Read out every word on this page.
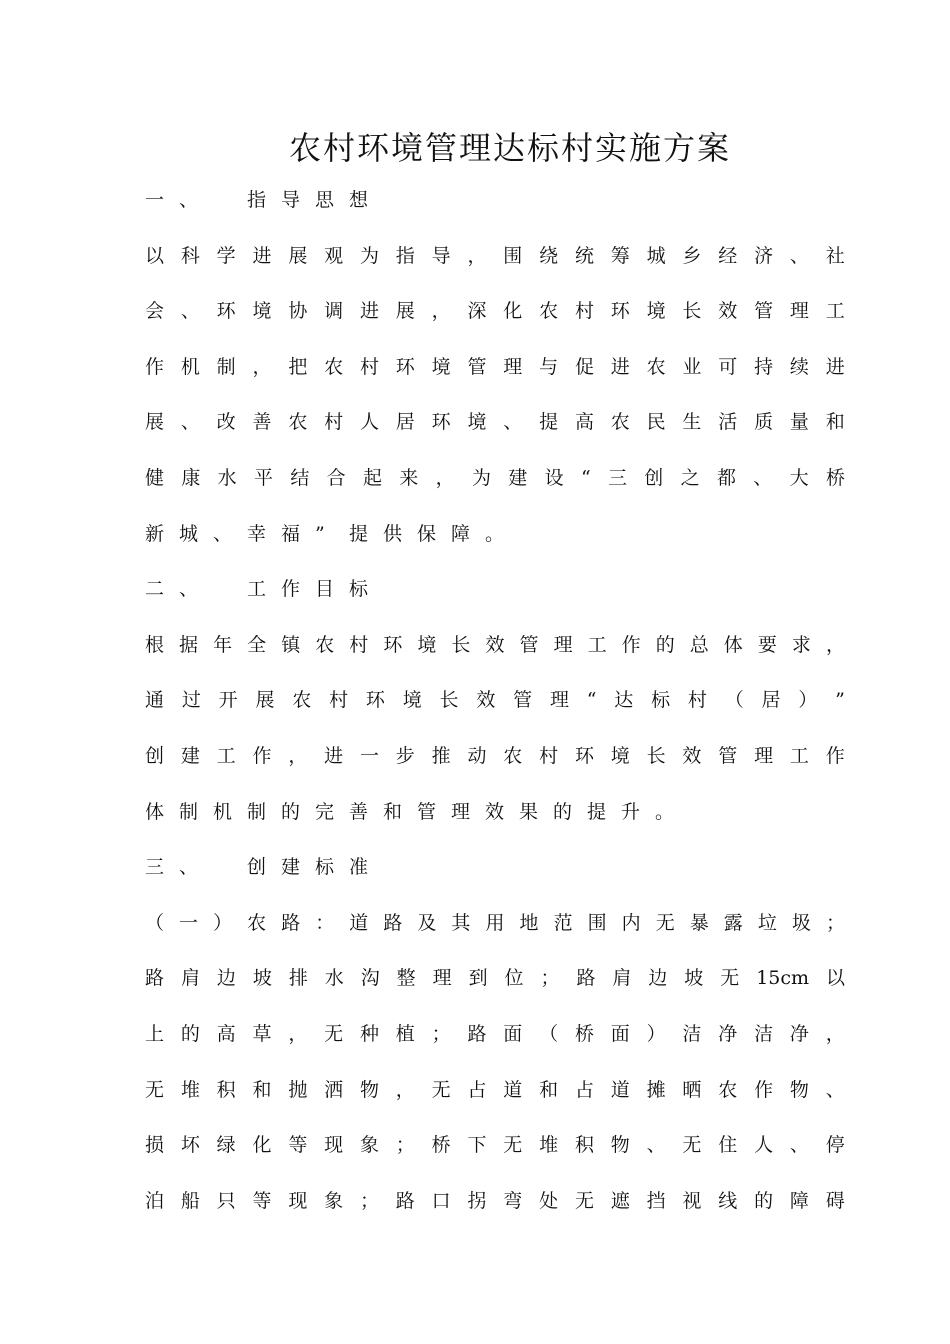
农村环境管理达标村实施方案
一 、
	指 导 思 想
以 科 学 进 展 观 为 指 导 ， 围 绕 统 筹 城 乡 经 济 、 社
会 、 环 境 协 调 进 展 ， 深 化 农 村 环 境 长 效 管 理 工
作 机 制 ， 把 农 村 环 境 管 理 与 促 进 农 业 可 持 续 进
展 、 改 善 农 村 人 居 环 境 、 提 高 农 民 生 活 质 量 和
健 康 水 平 结 合 起 来 ， 为 建 设 “ 三 创 之 都 、 大 桥
新 城 、 幸 福 ”	提 供 保 障 。
二 、
	工 作 目 标
根 据 年 全 镇 农 村 环 境 长 效 管 理 工 作 的 总 体 要 求 ，
通 过 开 展 农 村 环 境 长 效 管 理 “ 达 标 村 （ 居 ） ”
创 建 工 作 ， 进 一 步 推 动 农 村 环 境 长 效 管 理 工 作
体 制 机 制 的 完 善 和 管 理 效 果 的 提 升 。
三 、
	创 建 标 准
（ 一 ） 农 路 ： 道 路 及 其 用 地 范 围 内 无 暴 露 垃 圾 ；
路 肩 边 坡 排 水 沟 整 理 到 位 ； 路 肩 边 坡 无 15cm 以
上 的 高 草 ， 无 种 植 ； 路 面 （ 桥 面 ） 洁 净 洁 净 ，
无 堆 积 和 抛 洒 物 ， 无 占 道 和 占 道 摊 晒 农 作 物 、
损 坏 绿 化 等 现 象 ； 桥 下 无 堆 积 物 、 无 住 人 、 停
泊 船 只 等 现 象 ； 路 口 拐 弯 处 无 遮 挡 视 线 的 障 碍
